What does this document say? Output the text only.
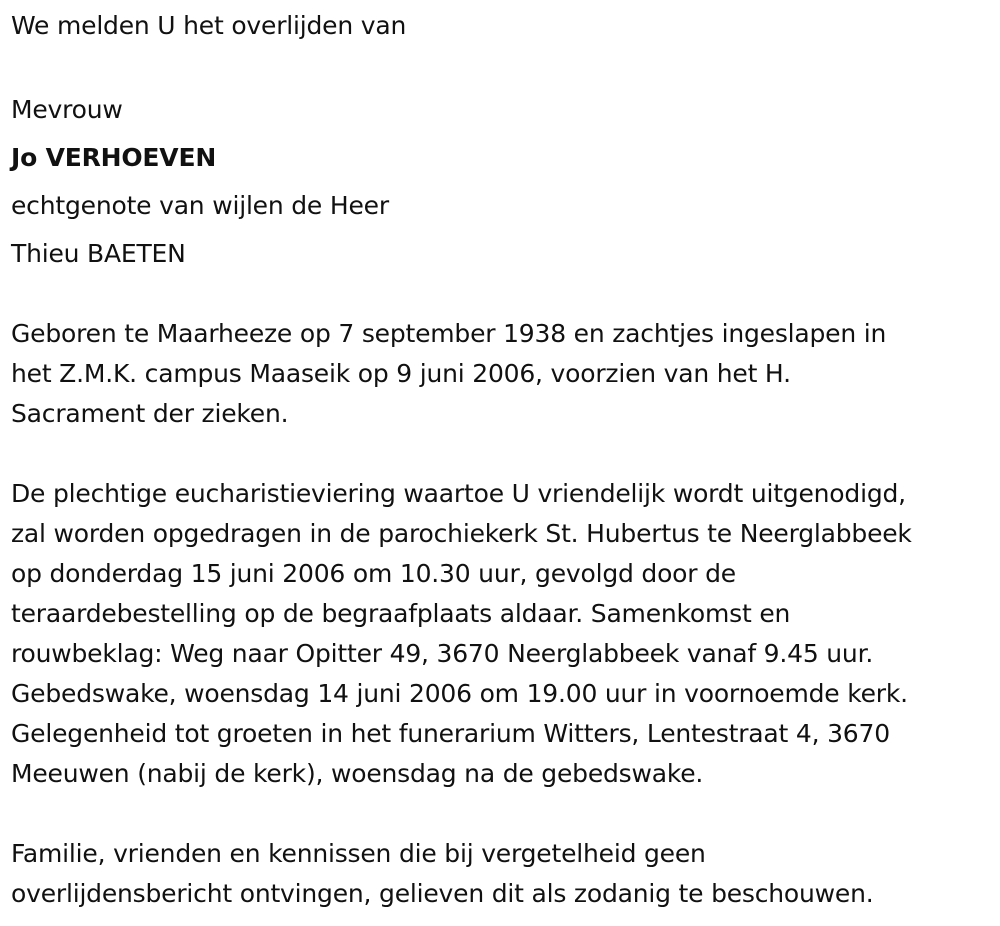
We melden U het overlijden van
Mevrouw
Jo VERHOEVEN
echtgenote van wijlen de Heer
Thieu BAETEN
Geboren te Maarheeze op 7 september 1938 en zachtjes ingeslapen in
het Z.M.K. campus Maaseik op 9 juni 2006, voorzien van het H.
Sacrament der zieken.
De plechtige eucharistieviering waartoe U vriendelijk wordt uitgenodigd,
zal worden opgedragen in de parochiekerk St. Hubertus te Neerglabbeek
op donderdag 15 juni 2006 om 10.30 uur, gevolgd door de
teraardebestelling op de begraafplaats aldaar. Samenkomst en
rouwbeklag: Weg naar Opitter 49, 3670 Neerglabbeek vanaf 9.45 uur.
Gebedswake, woensdag 14 juni 2006 om 19.00 uur in voornoemde kerk.
Gelegenheid tot groeten in het funerarium Witters, Lentestraat 4, 3670
Meeuwen (nabij de kerk), woensdag na de gebedswake.
Familie, vrienden en kennissen die bij vergetelheid geen
overlijdensbericht ontvingen, gelieven dit als zodanig te beschouwen.
